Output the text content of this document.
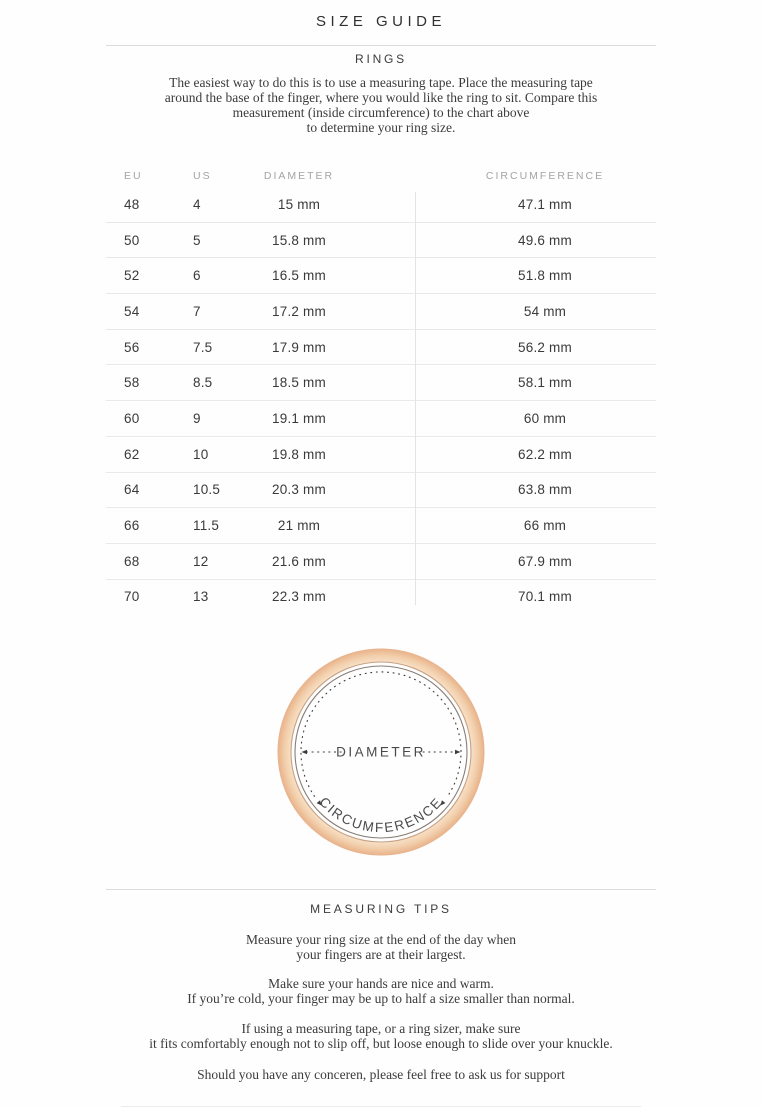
SIZE GUIDE
RINGS
The easiest way to do this is to use a measuring tape. Place the measuring tape
around the base of the finger, where you would like the ring to sit. Compare this
measurement (inside circumference) to the chart above
to determine your ring size.
EU	US	DIAMETER	CIRCUMFERENCE
48	4	15 mm	47.1 mm
50	5	15.8 mm	49.6 mm
52	6	16.5 mm	51.8 mm
54	7	17.2 mm	54 mm
56	7.5	17.9 mm	56.2 mm
58	8.5	18.5 mm	58.1 mm
60	9	19.1 mm	60 mm
62	10	19.8 mm	62.2 mm
64	10.5	20.3 mm	63.8 mm
66	11.5	21 mm	66 mm
68	12	21.6 mm	67.9 mm
70	13	22.3 mm	70.1 mm
DIAMETER
CIRCUMFERENCE
MEASURING TIPS
Measure your ring size at the end of the day when
your fingers are at their largest.
Make sure your hands are nice and warm.
If you’re cold, your finger may be up to half a size smaller than normal.
If using a measuring tape, or a ring sizer, make sure
it fits comfortably enough not to slip off, but loose enough to slide over your knuckle.
Should you have any conceren, please feel free to ask us for support
